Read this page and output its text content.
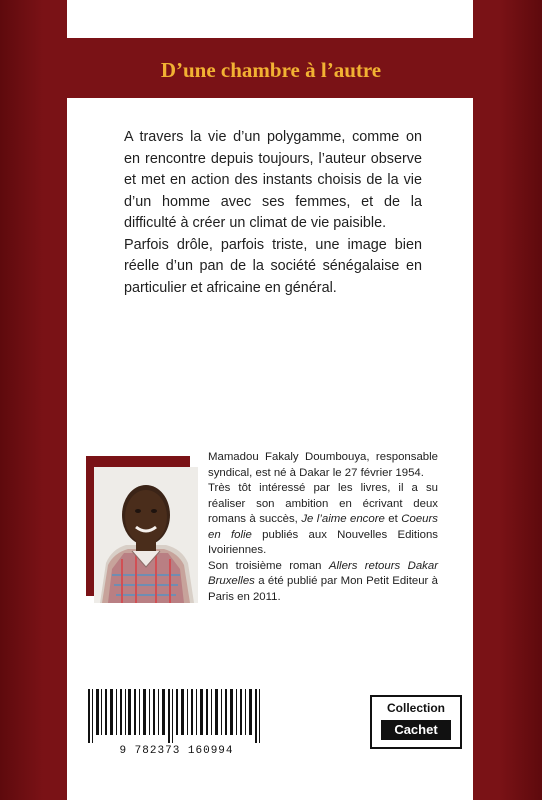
D’une chambre à l’autre

A travers la vie d’un polygamme, comme on en rencontre depuis toujours, l’auteur observe et met en action des instants choisis de la vie d’un homme avec ses femmes, et de la difficulté à créer un climat de vie paisible.

Parfois drôle, parfois triste, une image bien réelle d’un pan de la société sénégalaise en particulier et africaine en général.

Mamadou Fakaly Doumbouya, responsable syndical, est né à Dakar le 27 février 1954.

Très tôt intéressé par les livres, il a su réaliser son ambition en écrivant deux romans à succès, Je l’aime encore et Coeurs en folie publiés aux Nouvelles Editions Ivoiriennes.

Son troisième roman Allers retours Dakar Bruxelles a été publié par Mon Petit Editeur à Paris en 2011.

9 782373 160994
Collection
Cachet
